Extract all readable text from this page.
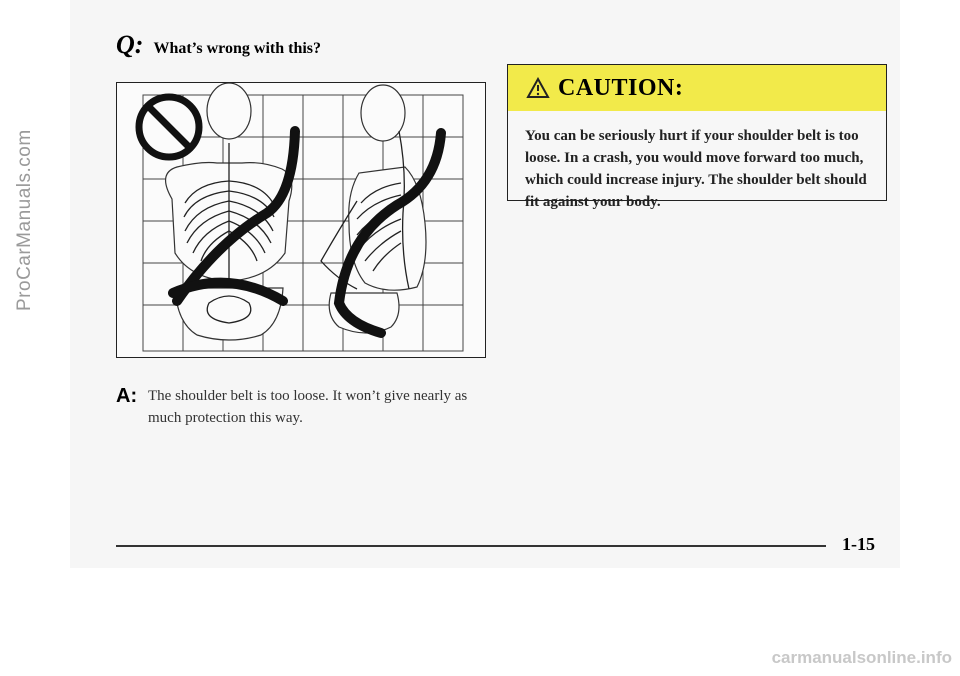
ProCarManuals.com
Q: What’s wrong with this?
A: The shoulder belt is too loose. It won’t give nearly as much protection this way.
CAUTION:
You can be seriously hurt if your shoulder belt is too loose. In a crash, you would move forward too much, which could increase injury. The shoulder belt should fit against your body.
1-15
carmanualsonline.info
